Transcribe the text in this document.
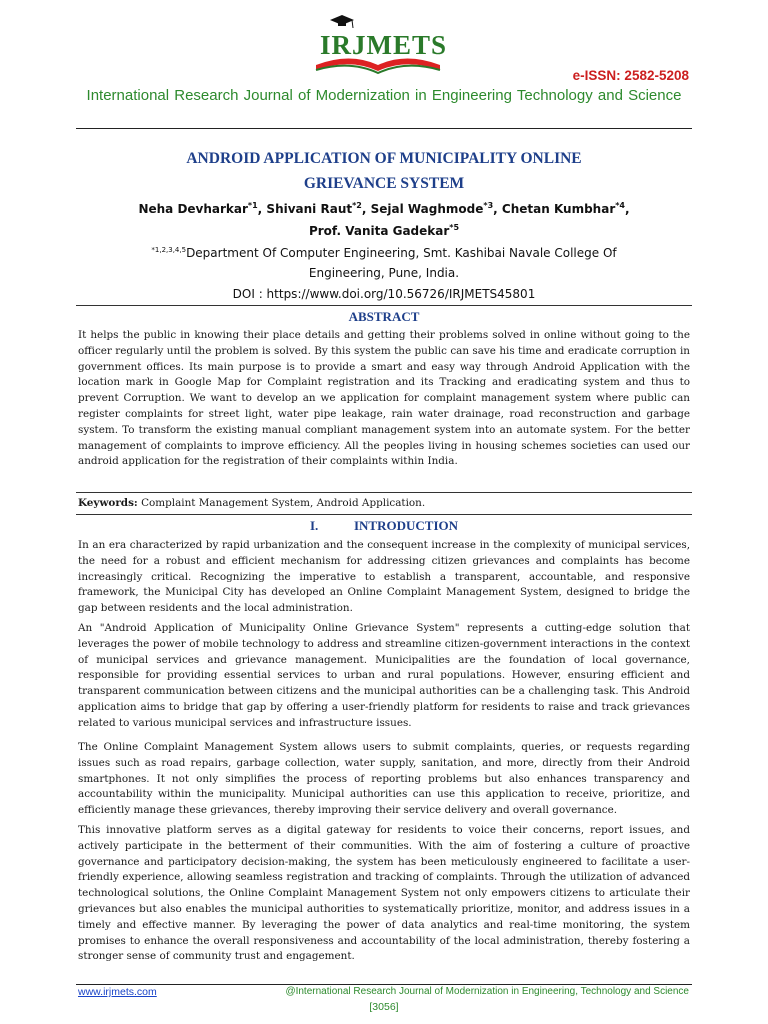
IRJMETS
e-ISSN: 2582-5208
International Research Journal of Modernization in Engineering Technology and Science
ANDROID APPLICATION OF MUNICIPALITY ONLINE
GRIEVANCE SYSTEM
Neha Devharkar$^{*1}$, Shivani Raut$^{*2}$, Sejal Waghmode$^{*3}$, Chetan Kumbhar$^{*4}$,
Prof. Vanita Gadekar$^{*5}$
$^{*1,2,3,4,5}$Department Of Computer Engineering, Smt. Kashibai Navale College Of
Engineering, Pune, India.
DOI : https://www.doi.org/10.56726/IRJMETS45801
ABSTRACT
It helps the public in knowing their place details and getting their problems solved in online without going to the officer regularly until the problem is solved. By this system the public can save his time and eradicate corruption in government offices. Its main purpose is to provide a smart and easy way through Android Application with the location mark in Google Map for Complaint registration and its Tracking and eradicating system and thus to prevent Corruption. We want to develop an we application for complaint management system where public can register complaints for street light, water pipe leakage, rain water drainage, road reconstruction and garbage system. To transform the existing manual compliant management system into an automate system. For the better management of complaints to improve efficiency. All the peoples living in housing schemes societies can used our android application for the registration of their complaints within India.
Keywords: Complaint Management System, Android Application.
I.	INTRODUCTION
In an era characterized by rapid urbanization and the consequent increase in the complexity of municipal services, the need for a robust and efficient mechanism for addressing citizen grievances and complaints has become increasingly critical. Recognizing the imperative to establish a transparent, accountable, and responsive framework, the Municipal City has developed an Online Complaint Management System, designed to bridge the gap between residents and the local administration.
An "Android Application of Municipality Online Grievance System" represents a cutting-edge solution that leverages the power of mobile technology to address and streamline citizen-government interactions in the context of municipal services and grievance management. Municipalities are the foundation of local governance, responsible for providing essential services to urban and rural populations. However, ensuring efficient and transparent communication between citizens and the municipal authorities can be a challenging task. This Android application aims to bridge that gap by offering a user-friendly platform for residents to raise and track grievances related to various municipal services and infrastructure issues.
The Online Complaint Management System allows users to submit complaints, queries, or requests regarding issues such as road repairs, garbage collection, water supply, sanitation, and more, directly from their Android smartphones. It not only simplifies the process of reporting problems but also enhances transparency and accountability within the municipality. Municipal authorities can use this application to receive, prioritize, and efficiently manage these grievances, thereby improving their service delivery and overall governance.
This innovative platform serves as a digital gateway for residents to voice their concerns, report issues, and actively participate in the betterment of their communities. With the aim of fostering a culture of proactive governance and participatory decision-making, the system has been meticulously engineered to facilitate a user-friendly experience, allowing seamless registration and tracking of complaints. Through the utilization of advanced technological solutions, the Online Complaint Management System not only empowers citizens to articulate their grievances but also enables the municipal authorities to systematically prioritize, monitor, and address issues in a timely and effective manner. By leveraging the power of data analytics and real-time monitoring, the system promises to enhance the overall responsiveness and accountability of the local administration, thereby fostering a stronger sense of community trust and engagement.
www.irjmets.com	@International Research Journal of Modernization in Engineering, Technology and Science
[3056]
